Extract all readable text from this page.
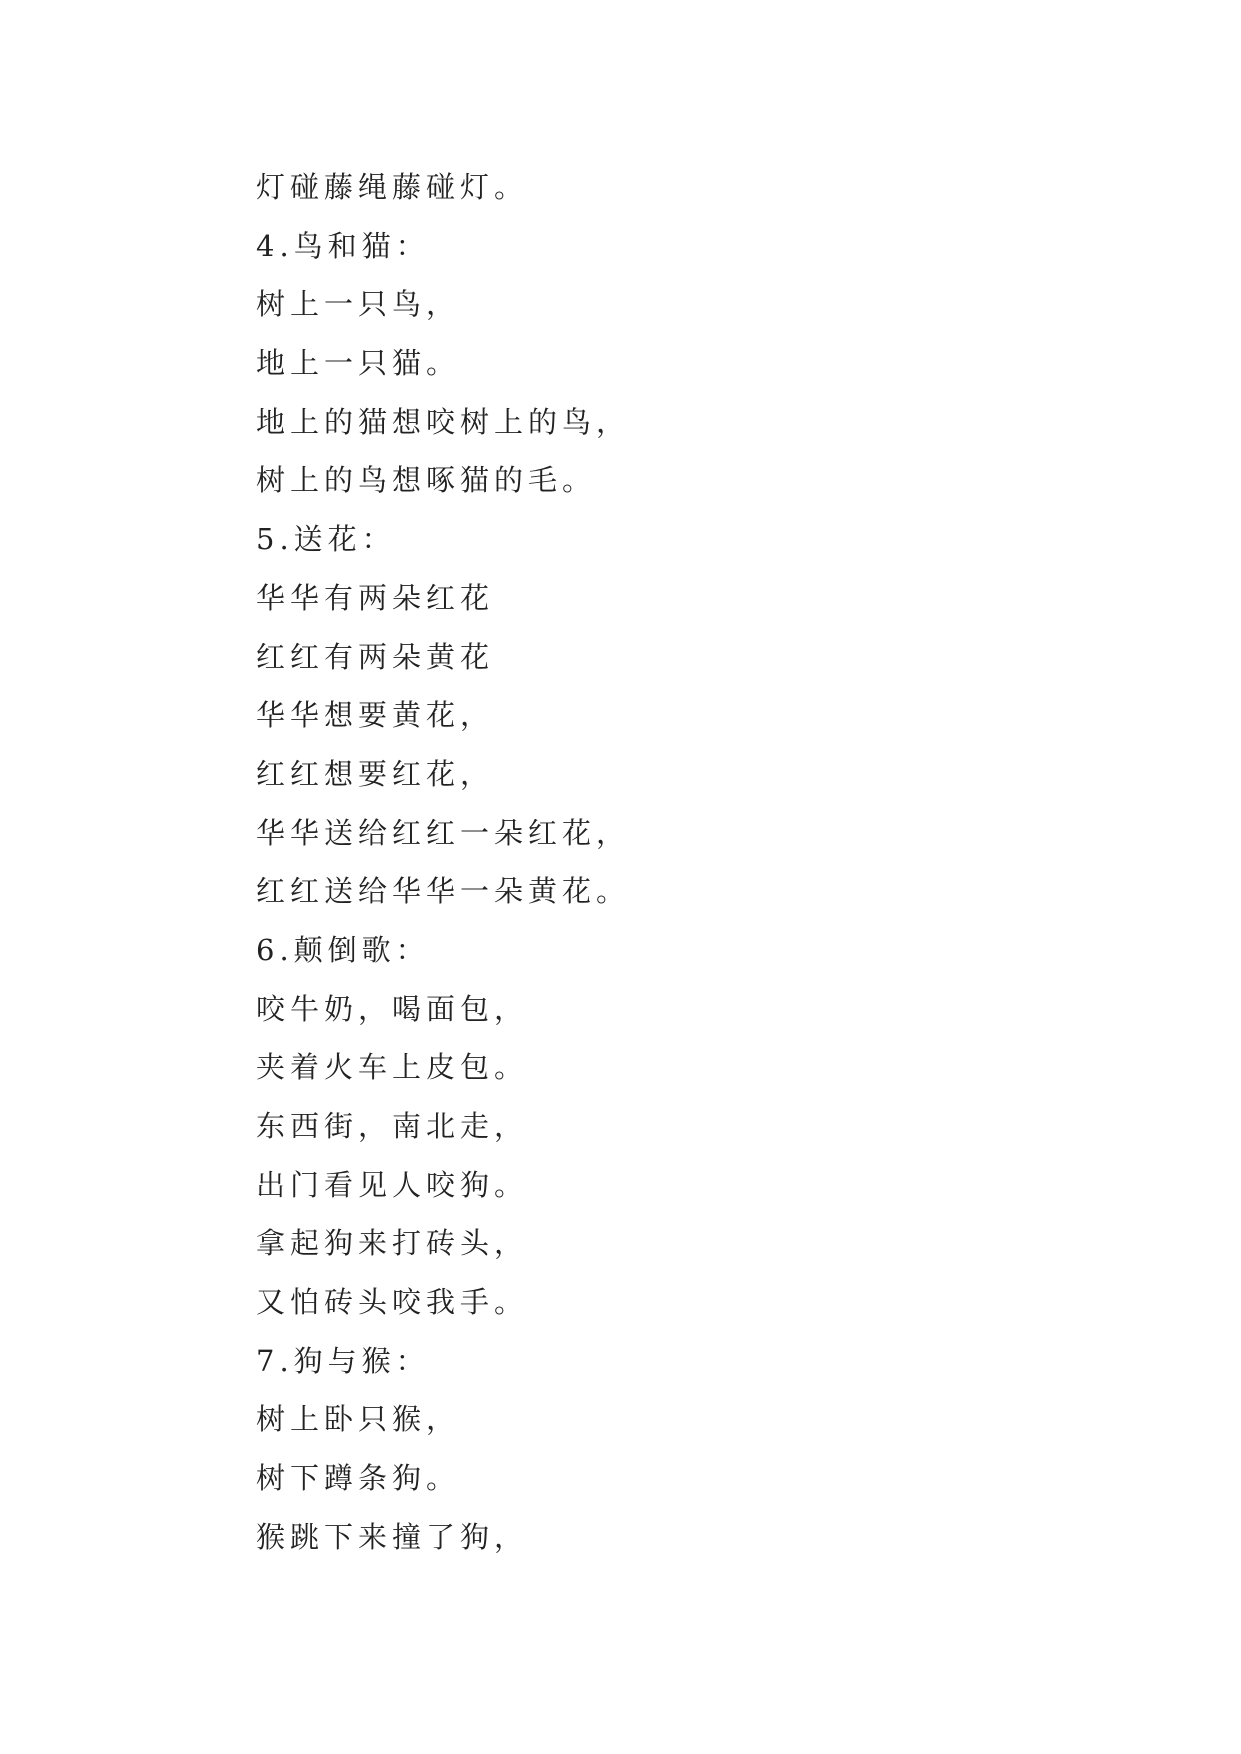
灯碰藤绳藤碰灯。
4.鸟和猫：
树上一只鸟，
地上一只猫。
地上的猫想咬树上的鸟，
树上的鸟想啄猫的毛。
5.送花：
华华有两朵红花
红红有两朵黄花
华华想要黄花，
红红想要红花，
华华送给红红一朵红花，
红红送给华华一朵黄花。
6.颠倒歌：
咬牛奶，喝面包，
夹着火车上皮包。
东西街，南北走，
出门看见人咬狗。
拿起狗来打砖头，
又怕砖头咬我手。
7.狗与猴：
树上卧只猴，
树下蹲条狗。
猴跳下来撞了狗，
